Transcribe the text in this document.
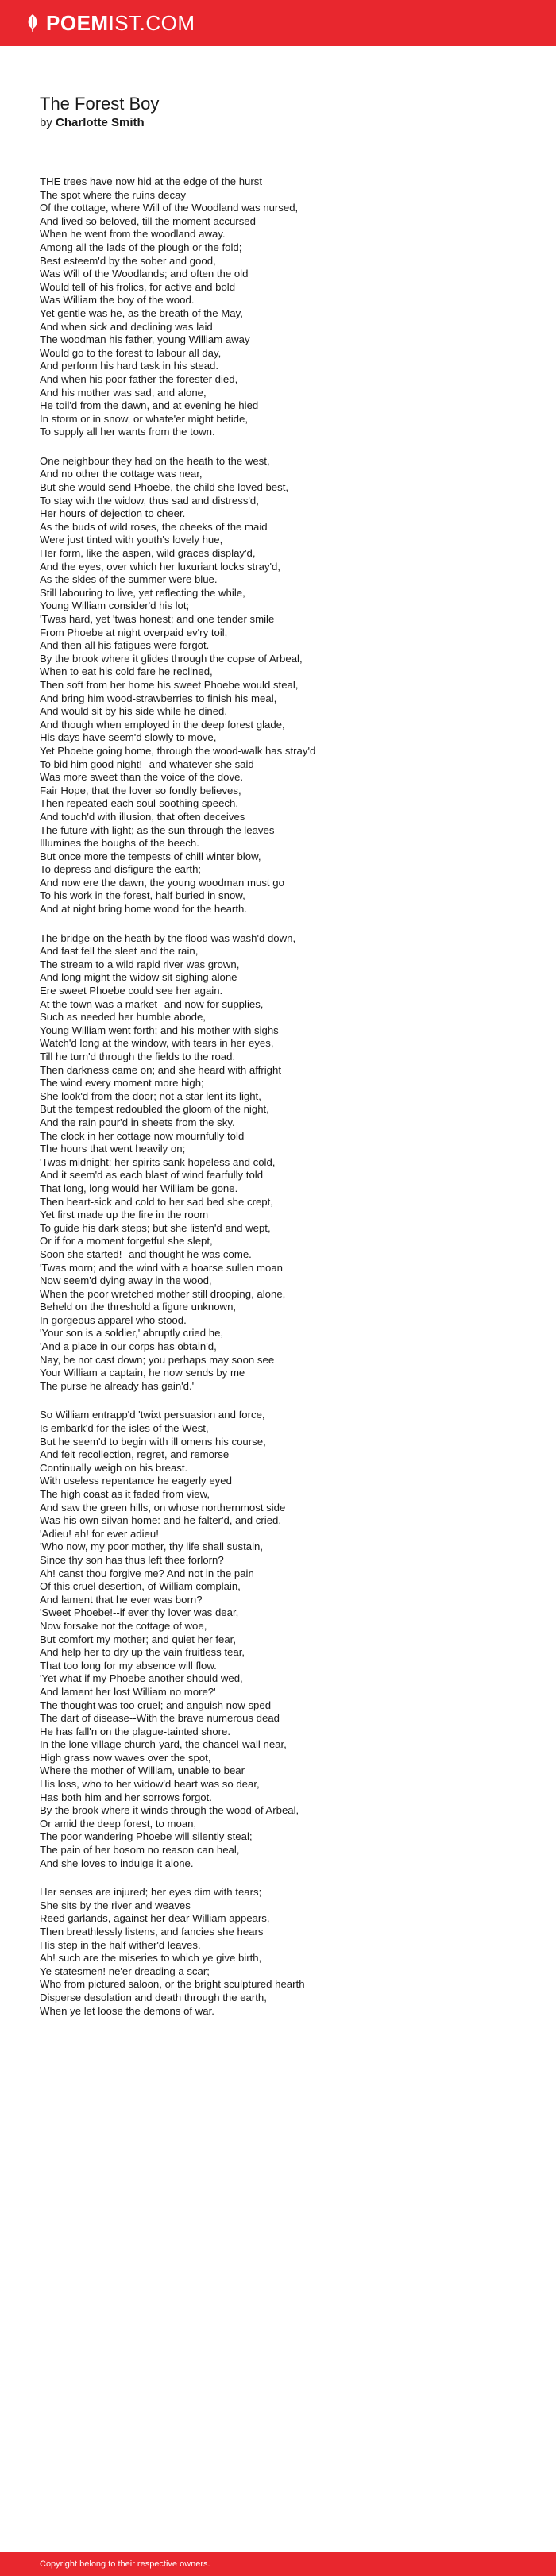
POEMIST.COM
The Forest Boy
by Charlotte Smith
THE trees have now hid at the edge of the hurst
The spot where the ruins decay
Of the cottage, where Will of the Woodland was nursed,
And lived so beloved, till the moment accursed
When he went from the woodland away.
Among all the lads of the plough or the fold;
Best esteem'd by the sober and good,
Was Will of the Woodlands; and often the old
Would tell of his frolics, for active and bold
Was William the boy of the wood.
Yet gentle was he, as the breath of the May,
And when sick and declining was laid
The woodman his father, young William away
Would go to the forest to labour all day,
And perform his hard task in his stead.
And when his poor father the forester died,
And his mother was sad, and alone,
He toil'd from the dawn, and at evening he hied
In storm or in snow, or whate'er might betide,
To supply all her wants from the town.
One neighbour they had on the heath to the west,
And no other the cottage was near,
But she would send Phoebe, the child she loved best,
To stay with the widow, thus sad and distress'd,
Her hours of dejection to cheer.
As the buds of wild roses, the cheeks of the maid
Were just tinted with youth's lovely hue,
Her form, like the aspen, wild graces display'd,
And the eyes, over which her luxuriant locks stray'd,
As the skies of the summer were blue.
Still labouring to live, yet reflecting the while,
Young William consider'd his lot;
'Twas hard, yet 'twas honest; and one tender smile
From Phoebe at night overpaid ev'ry toil,
And then all his fatigues were forgot.
By the brook where it glides through the copse of Arbeal,
When to eat his cold fare he reclined,
Then soft from her home his sweet Phoebe would steal,
And bring him wood-strawberries to finish his meal,
And would sit by his side while he dined.
And though when employed in the deep forest glade,
His days have seem'd slowly to move,
Yet Phoebe going home, through the wood-walk has stray'd
To bid him good night!--and whatever she said
Was more sweet than the voice of the dove.
Fair Hope, that the lover so fondly believes,
Then repeated each soul-soothing speech,
And touch'd with illusion, that often deceives
The future with light; as the sun through the leaves
Illumines the boughs of the beech.
But once more the tempests of chill winter blow,
To depress and disfigure the earth;
And now ere the dawn, the young woodman must go
To his work in the forest, half buried in snow,
And at night bring home wood for the hearth.
The bridge on the heath by the flood was wash'd down,
And fast fell the sleet and the rain,
The stream to a wild rapid river was grown,
And long might the widow sit sighing alone
Ere sweet Phoebe could see her again.
At the town was a market--and now for supplies,
Such as needed her humble abode,
Young William went forth; and his mother with sighs
Watch'd long at the window, with tears in her eyes,
Till he turn'd through the fields to the road.
Then darkness came on; and she heard with affright
The wind every moment more high;
She look'd from the door; not a star lent its light,
But the tempest redoubled the gloom of the night,
And the rain pour'd in sheets from the sky.
The clock in her cottage now mournfully told
The hours that went heavily on;
'Twas midnight: her spirits sank hopeless and cold,
And it seem'd as each blast of wind fearfully told
That long, long would her William be gone.
Then heart-sick and cold to her sad bed she crept,
Yet first made up the fire in the room
To guide his dark steps; but she listen'd and wept,
Or if for a moment forgetful she slept,
Soon she started!--and thought he was come.
'Twas morn; and the wind with a hoarse sullen moan
Now seem'd dying away in the wood,
When the poor wretched mother still drooping, alone,
Beheld on the threshold a figure unknown,
In gorgeous apparel who stood.
'Your son is a soldier,' abruptly cried he,
'And a place in our corps has obtain'd,
Nay, be not cast down; you perhaps may soon see
Your William a captain, he now sends by me
The purse he already has gain'd.'
So William entrapp'd 'twixt persuasion and force,
Is embark'd for the isles of the West,
But he seem'd to begin with ill omens his course,
And felt recollection, regret, and remorse
Continually weigh on his breast.
With useless repentance he eagerly eyed
The high coast as it faded from view,
And saw the green hills, on whose northernmost side
Was his own silvan home: and he falter'd, and cried,
'Adieu! ah! for ever adieu!
'Who now, my poor mother, thy life shall sustain,
Since thy son has thus left thee forlorn?
Ah! canst thou forgive me? And not in the pain
Of this cruel desertion, of William complain,
And lament that he ever was born?
'Sweet Phoebe!--if ever thy lover was dear,
Now forsake not the cottage of woe,
But comfort my mother; and quiet her fear,
And help her to dry up the vain fruitless tear,
That too long for my absence will flow.
'Yet what if my Phoebe another should wed,
And lament her lost William no more?'
The thought was too cruel; and anguish now sped
The dart of disease--With the brave numerous dead
He has fall'n on the plague-tainted shore.
In the lone village church-yard, the chancel-wall near,
High grass now waves over the spot,
Where the mother of William, unable to bear
His loss, who to her widow'd heart was so dear,
Has both him and her sorrows forgot.
By the brook where it winds through the wood of Arbeal,
Or amid the deep forest, to moan,
The poor wandering Phoebe will silently steal;
The pain of her bosom no reason can heal,
And she loves to indulge it alone.
Her senses are injured; her eyes dim with tears;
She sits by the river and weaves
Reed garlands, against her dear William appears,
Then breathlessly listens, and fancies she hears
His step in the half wither'd leaves.
Ah! such are the miseries to which ye give birth,
Ye statesmen! ne'er dreading a scar;
Who from pictured saloon, or the bright sculptured hearth
Disperse desolation and death through the earth,
When ye let loose the demons of war.
Copyright belong to their respective owners.
